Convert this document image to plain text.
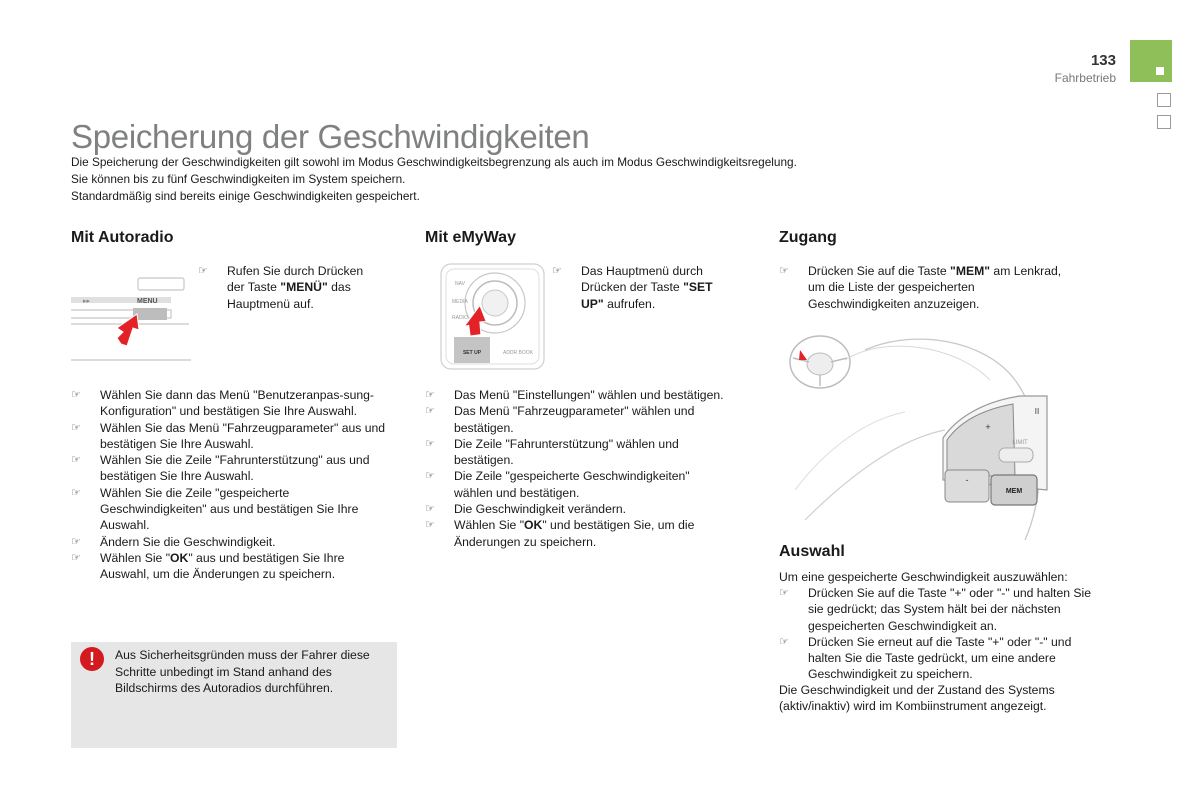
133
Fahrbetrieb
Speicherung der Geschwindigkeiten
Die Speicherung der Geschwindigkeiten gilt sowohl im Modus Geschwindigkeitsbegrenzung als auch im Modus Geschwindigkeitsregelung.
Sie können bis zu fünf Geschwindigkeiten im System speichern.
Standardmäßig sind bereits einige Geschwindigkeiten gespeichert.
Mit Autoradio
▸▸	MENU
☞ Rufen Sie durch Drücken der Taste "MENÜ" das Hauptmenü auf.
☞ Wählen Sie dann das Menü "Benutzeranpas-sung-Konfiguration" und bestätigen Sie Ihre Auswahl.
☞ Wählen Sie das Menü "Fahrzeugparameter" aus und bestätigen Sie Ihre Auswahl.
☞ Wählen Sie die Zeile "Fahrunterstützung" aus und bestätigen Sie Ihre Auswahl.
☞ Wählen Sie die Zeile "gespeicherte Geschwindigkeiten" aus und bestätigen Sie Ihre Auswahl.
☞ Ändern Sie die Geschwindigkeit.
☞ Wählen Sie "OK" aus und bestätigen Sie Ihre Auswahl, um die Änderungen zu speichern.
!	Aus Sicherheitsgründen muss der Fahrer diese Schritte unbedingt im Stand anhand des Bildschirms des Autoradios durchführen.
Mit eMyWay
NAV
MEDIA
RADIO
SET UP	ADDR BOOK
☞ Das Hauptmenü durch Drücken der Taste "SET UP" aufrufen.
☞ Das Menü "Einstellungen" wählen und bestätigen.
☞ Das Menü "Fahrzeugparameter" wählen und bestätigen.
☞ Die Zeile "Fahrunterstützung" wählen und bestätigen.
☞ Die Zeile "gespeicherte Geschwindigkeiten" wählen und bestätigen.
☞ Die Geschwindigkeit verändern.
☞ Wählen Sie "OK" und bestätigen Sie, um die Änderungen zu speichern.
Zugang
☞ Drücken Sie auf die Taste "MEM" am Lenkrad, um die Liste der gespeicherten Geschwindigkeiten anzuzeigen.
MEM
-
+
II
LIMIT
Auswahl
Um eine gespeicherte Geschwindigkeit auszuwählen:
☞ Drücken Sie auf die Taste "+" oder "-" und halten Sie sie gedrückt; das System hält bei der nächsten gespeicherten Geschwindigkeit an.
☞ Drücken Sie erneut auf die Taste "+" oder "-" und halten Sie die Taste gedrückt, um eine andere Geschwindigkeit zu speichern.
Die Geschwindigkeit und der Zustand des Systems (aktiv/inaktiv) wird im Kombiinstrument angezeigt.
